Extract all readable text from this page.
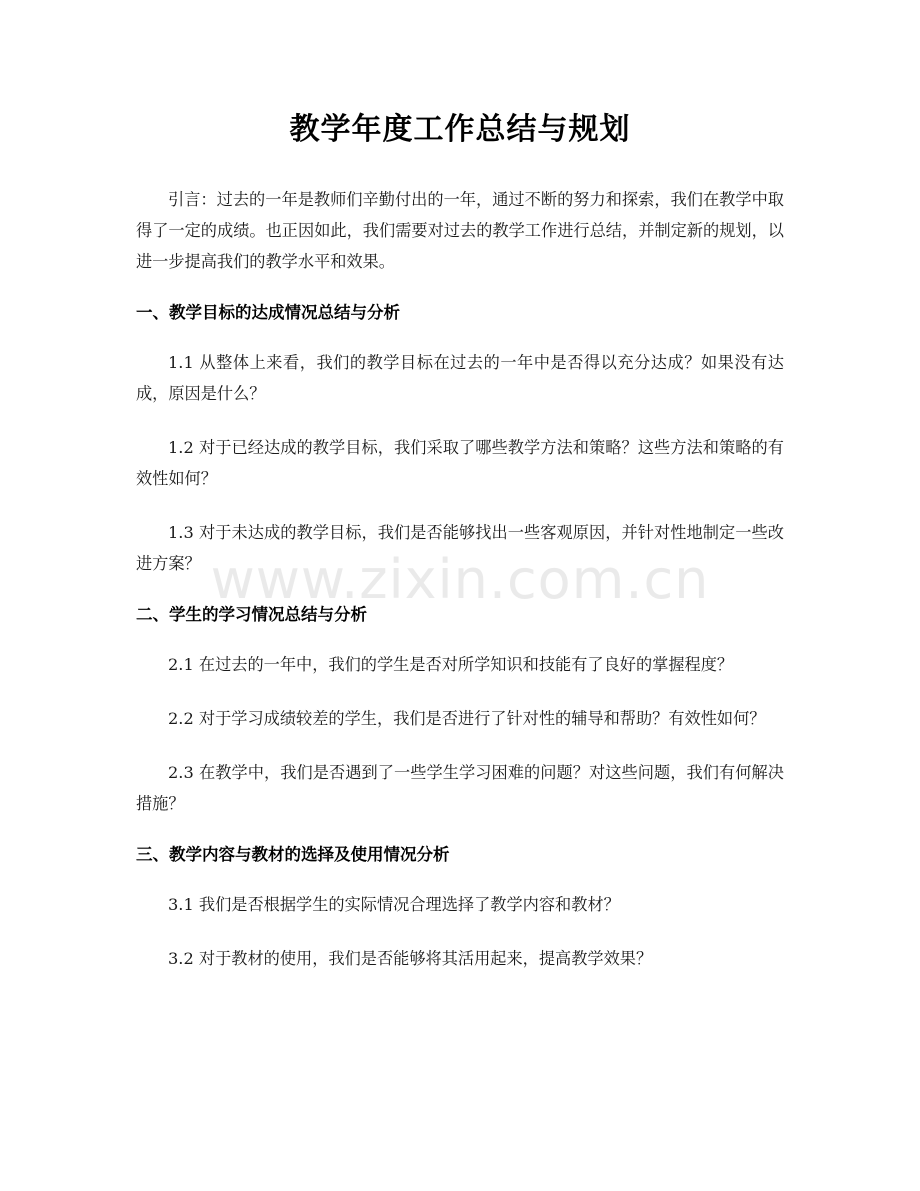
教学年度工作总结与规划

引言：过去的一年是教师们辛勤付出的一年，通过不断的努力和探索，我们在教学中取得了一定的成绩。也正因如此，我们需要对过去的教学工作进行总结，并制定新的规划，以进一步提高我们的教学水平和效果。

一、教学目标的达成情况总结与分析

1.1 从整体上来看，我们的教学目标在过去的一年中是否得以充分达成？如果没有达成，原因是什么？

1.2 对于已经达成的教学目标，我们采取了哪些教学方法和策略？这些方法和策略的有效性如何？

1.3 对于未达成的教学目标，我们是否能够找出一些客观原因，并针对性地制定一些改进方案？

二、学生的学习情况总结与分析

2.1 在过去的一年中，我们的学生是否对所学知识和技能有了良好的掌握程度？

2.2 对于学习成绩较差的学生，我们是否进行了针对性的辅导和帮助？有效性如何？

2.3 在教学中，我们是否遇到了一些学生学习困难的问题？对这些问题，我们有何解决措施？

三、教学内容与教材的选择及使用情况分析

3.1 我们是否根据学生的实际情况合理选择了教学内容和教材？

3.2 对于教材的使用，我们是否能够将其活用起来，提高教学效果？

www.zixin.com.cn
